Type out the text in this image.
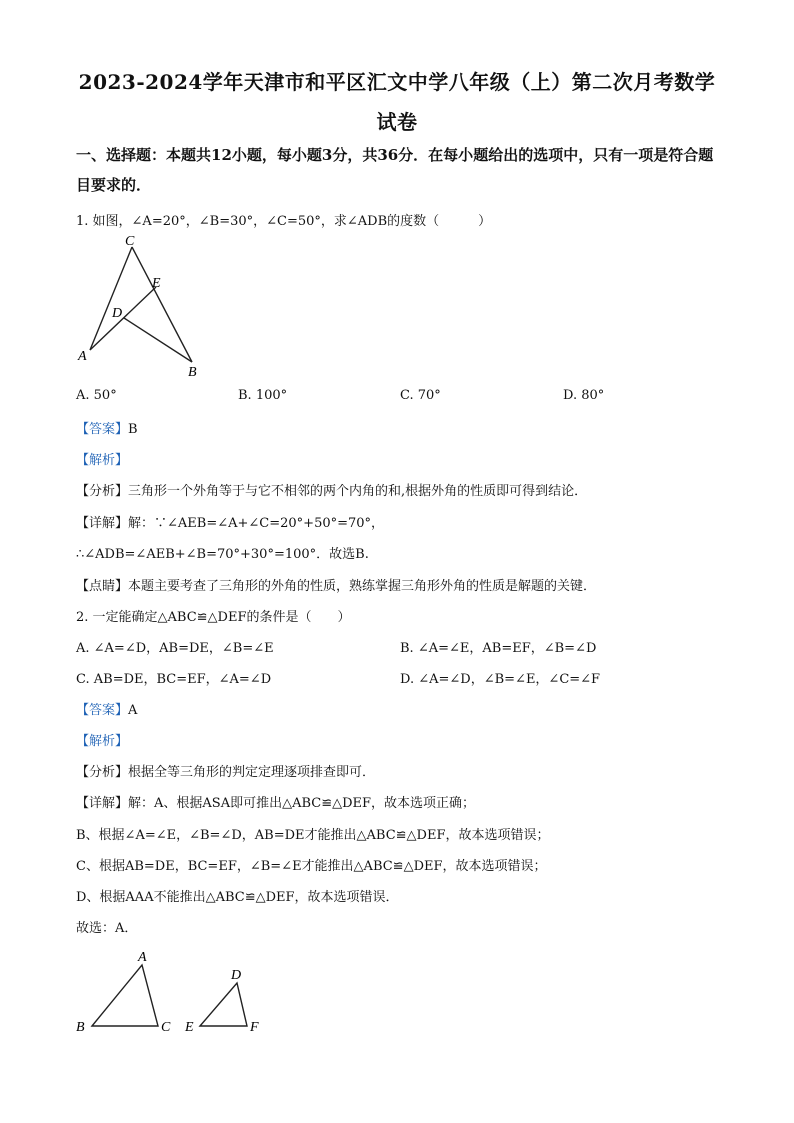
2023-2024学年天津市和平区汇文中学八年级（上）第二次月考数学
试卷
一、选择题：本题共12小题，每小题3分，共36分．在每小题给出的选项中，只有一项是符合题目要求的．
1. 如图，∠A=20°，∠B=30°，∠C=50°，求∠ADB的度数（　　　）
C
E
D
A
B
A. 50°	B. 100°	C. 70°	D. 80°
【答案】B
【解析】
【分析】三角形一个外角等于与它不相邻的两个内角的和,根据外角的性质即可得到结论．
【详解】解：∵∠AEB=∠A+∠C=20°+50°=70°，
∴∠ADB=∠AEB+∠B=70°+30°=100°．故选B.
【点睛】本题主要考查了三角形的外角的性质，熟练掌握三角形外角的性质是解题的关键．
2. 一定能确定△ABC≌△DEF的条件是（　　）
A. ∠A=∠D，AB=DE，∠B=∠E	B. ∠A=∠E，AB=EF，∠B=∠D
C. AB=DE，BC=EF，∠A=∠D	D. ∠A=∠D，∠B=∠E，∠C=∠F
【答案】A
【解析】
【分析】根据全等三角形的判定定理逐项排查即可．
【详解】解：A、根据ASA即可推出△ABC≌△DEF，故本选项正确；
B、根据∠A=∠E，∠B=∠D，AB=DE才能推出△ABC≌△DEF，故本选项错误；
C、根据AB=DE，BC=EF，∠B=∠E才能推出△ABC≌△DEF，故本选项错误；
D、根据AAA不能推出△ABC≌△DEF，故本选项错误．
故选：A．
A
B	C
D
E	F
